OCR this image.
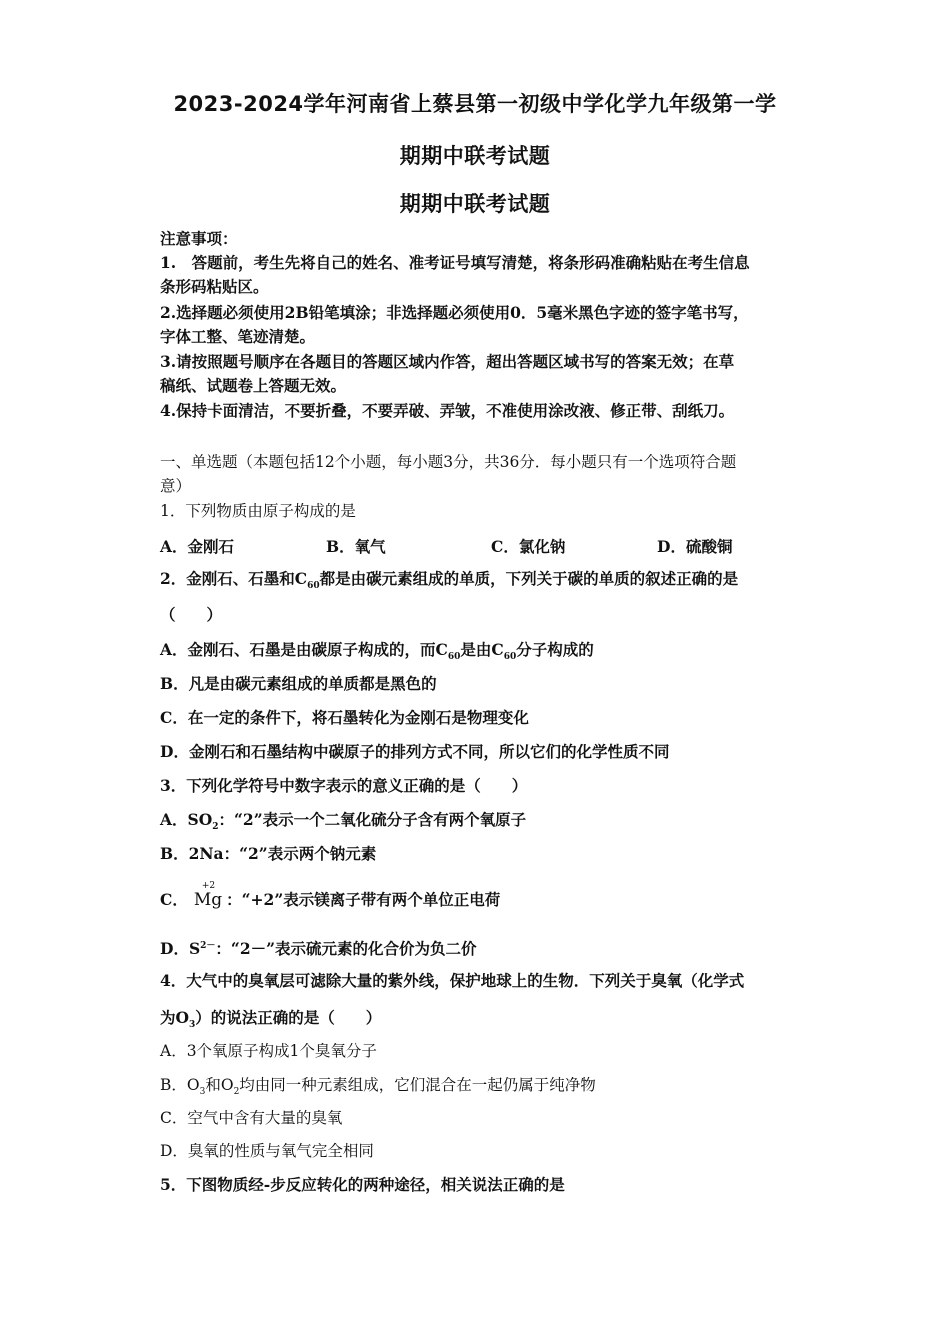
2023-2024学年河南省上蔡县第一初级中学化学九年级第一学
期期中联考试题
期期中联考试题
注意事项：
1.　答题前，考生先将自己的姓名、准考证号填写清楚，将条形码准确粘贴在考生信息
条形码粘贴区。
2.选择题必须使用2B铅笔填涂；非选择题必须使用0．5毫米黑色字迹的签字笔书写，
字体工整、笔迹清楚。
3.请按照题号顺序在各题目的答题区域内作答，超出答题区域书写的答案无效；在草
稿纸、试题卷上答题无效。
4.保持卡面清洁，不要折叠，不要弄破、弄皱，不准使用涂改液、修正带、刮纸刀。
一、单选题（本题包括12个小题，每小题3分，共36分．每小题只有一个选项符合题
意）
1．下列物质由原子构成的是
A．金刚石	B．氧气	C．氯化钠	D．硫酸铜
2．金刚石、石墨和$C_{60}$都是由碳元素组成的单质，下列关于碳的单质的叙述正确的是
（　　）
A．金刚石、石墨是由碳原子构成的，而$C_{60}$是由$C_{60}$分子构成的
B．凡是由碳元素组成的单质都是黑色的
C．在一定的条件下，将石墨转化为金刚石是物理变化
D．金刚石和石墨结构中碳原子的排列方式不同，所以它们的化学性质不同
3．下列化学符号中数字表示的意义正确的是（　　）
A．$SO_2$：“2”表示一个二氧化硫分子含有两个氧原子
B．2Na：“2”表示两个钠元素
C．
+2
Mg ：“+2”表示镁离子带有两个单位正电荷
D．$S^{2-}$：“2－”表示硫元素的化合价为负二价
4．大气中的臭氧层可滤除大量的紫外线，保护地球上的生物．下列关于臭氧（化学式
为$O_3$）的说法正确的是（　　）
A．3个氧原子构成1个臭氧分子
B．$O_3$和$O_2$均由同一种元素组成，它们混合在一起仍属于纯净物
C．空气中含有大量的臭氧
D．臭氧的性质与氧气完全相同
5．下图物质经-步反应转化的两种途径，相关说法正确的是
